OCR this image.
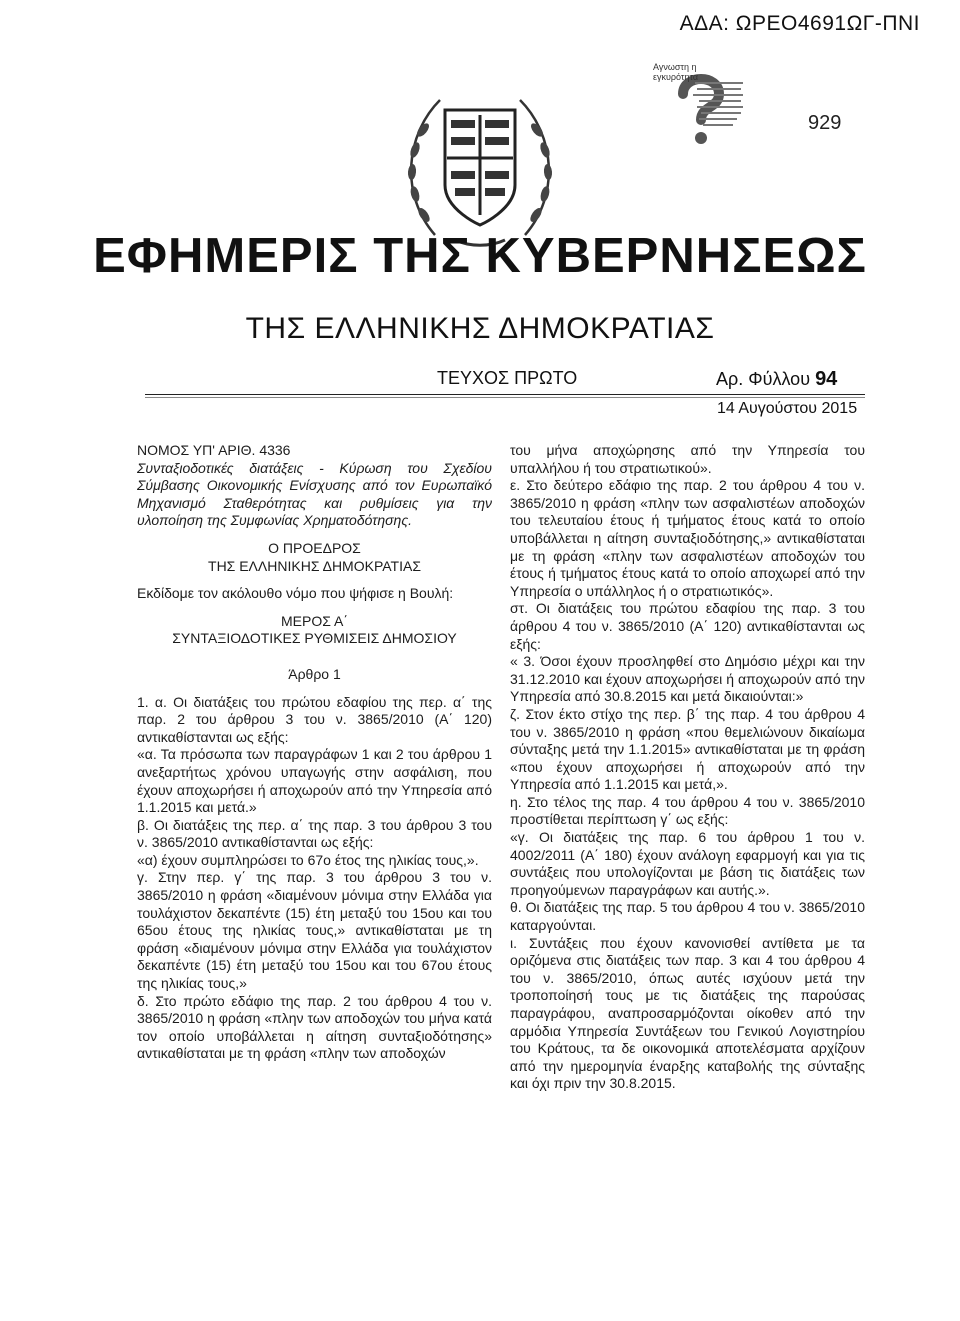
ΑΔΑ: ΩΡΕΟ4691ΩΓ-ΠΝΙ
Αγνωστη η
εγκυρότητα
929
ΕΦΗΜΕΡΙΣ ΤΗΣ ΚΥΒΕΡΝΗΣΕΩΣ
ΤΗΣ ΕΛΛΗΝΙΚΗΣ ΔΗΜΟΚΡΑΤΙΑΣ
ΤΕΥΧΟΣ ΠΡΩΤΟ	Αρ. Φύλλου 94
14 Αυγούστου 2015

ΝΟΜΟΣ ΥΠ' ΑΡΙΘ. 4336

Συνταξιοδοτικές διατάξεις - Κύρωση του Σχεδίου Σύμβασης Οικονομικής Ενίσχυσης από τον Ευρωπαϊκό Μηχανισμό Σταθερότητας και ρυθμίσεις για την υλοποίηση της Συμφωνίας Χρηματοδότησης.

Ο ΠΡΟΕΔΡΟΣ

ΤΗΣ ΕΛΛΗΝΙΚΗΣ ΔΗΜΟΚΡΑΤΙΑΣ

Εκδίδομε τον ακόλουθο νόμο που ψήφισε η Βουλή:

ΜΕΡΟΣ Α΄

ΣΥΝΤΑΞΙΟΔΟΤΙΚΕΣ ΡΥΘΜΙΣΕΙΣ ΔΗΜΟΣΙΟΥ

Άρθρο 1

1. α. Οι διατάξεις του πρώτου εδαφίου της περ. α΄ της παρ. 2 του άρθρου 3 του ν. 3865/2010 (Α΄ 120) αντικαθίστανται ως εξής:

«α. Τα πρόσωπα των παραγράφων 1 και 2 του άρθρου 1 ανεξαρτήτως χρόνου υπαγωγής στην ασφάλιση, που έχουν αποχωρήσει ή αποχωρούν από την Υπηρεσία από 1.1.2015 και μετά.»

β. Οι διατάξεις της περ. α΄ της παρ. 3 του άρθρου 3 του ν. 3865/2010 αντικαθίστανται ως εξής:

«α) έχουν συμπληρώσει το 67ο έτος της ηλικίας τους,».

γ. Στην περ. γ΄ της παρ. 3 του άρθρου 3 του ν. 3865/2010 η φράση «διαμένουν μόνιμα στην Ελλάδα για τουλάχιστον δεκαπέντε (15) έτη μεταξύ του 15ου και του 65ου έτους της ηλικίας τους,» αντικαθίσταται με τη φράση «διαμένουν μόνιμα στην Ελλάδα για τουλάχιστον δεκαπέντε (15) έτη μεταξύ του 15ου και του 67ου έτους της ηλικίας τους,»

δ. Στο πρώτο εδάφιο της παρ. 2 του άρθρου 4 του ν. 3865/2010 η φράση «πλην των αποδοχών του μήνα κατά τον οποίο υποβάλλεται η αίτηση συνταξιοδότησης» αντικαθίσταται με τη φράση «πλην των αποδοχών

του μήνα αποχώρησης από την Υπηρεσία του υπαλλήλου ή του στρατιωτικού».

ε. Στο δεύτερο εδάφιο της παρ. 2 του άρθρου 4 του ν. 3865/2010 η φράση «πλην των ασφαλιστέων αποδοχών του τελευταίου έτους ή τμήματος έτους κατά το οποίο υποβάλλεται η αίτηση συνταξιοδότησης,» αντικαθίσταται με τη φράση «πλην των ασφαλιστέων αποδοχών του έτους ή τμήματος έτους κατά το οποίο αποχωρεί από την Υπηρεσία ο υπάλληλος ή ο στρατιωτικός».

στ. Οι διατάξεις του πρώτου εδαφίου της παρ. 3 του άρθρου 4 του ν. 3865/2010 (Α΄ 120) αντικαθίστανται ως εξής:

« 3. Όσοι έχουν προσληφθεί στο Δημόσιο μέχρι και την 31.12.2010 και έχουν αποχωρήσει ή αποχωρούν από την Υπηρεσία από 30.8.2015 και μετά δικαιούνται:»

ζ. Στον έκτο στίχο της περ. β΄ της παρ. 4 του άρθρου 4 του ν. 3865/2010 η φράση «που θεμελιώνουν δικαίωμα σύνταξης μετά την 1.1.2015» αντικαθίσταται με τη φράση «που έχουν αποχωρήσει ή αποχωρούν από την Υπηρεσία από 1.1.2015 και μετά,».

η. Στο τέλος της παρ. 4 του άρθρου 4 του ν. 3865/2010 προστίθεται περίπτωση γ΄ ως εξής:

«γ. Οι διατάξεις της παρ. 6 του άρθρου 1 του ν. 4002/2011 (Α΄ 180) έχουν ανάλογη εφαρμογή και για τις συντάξεις που υπολογίζονται με βάση τις διατάξεις των προηγούμενων παραγράφων και αυτής.».

θ. Οι διατάξεις της παρ. 5 του άρθρου 4 του ν. 3865/2010 καταργούνται.

ι. Συντάξεις που έχουν κανονισθεί αντίθετα με τα οριζόμενα στις διατάξεις των παρ. 3 και 4 του άρθρου 4 του ν. 3865/2010, όπως αυτές ισχύουν μετά την τροποποίησή τους με τις διατάξεις της παρούσας παραγράφου, αναπροσαρμόζονται οίκοθεν από την αρμόδια Υπηρεσία Συντάξεων του Γενικού Λογιστηρίου του Κράτους, τα δε οικονομικά αποτελέσματα αρχίζουν από την ημερομηνία έναρξης καταβολής της σύνταξης και όχι πριν την 30.8.2015.
